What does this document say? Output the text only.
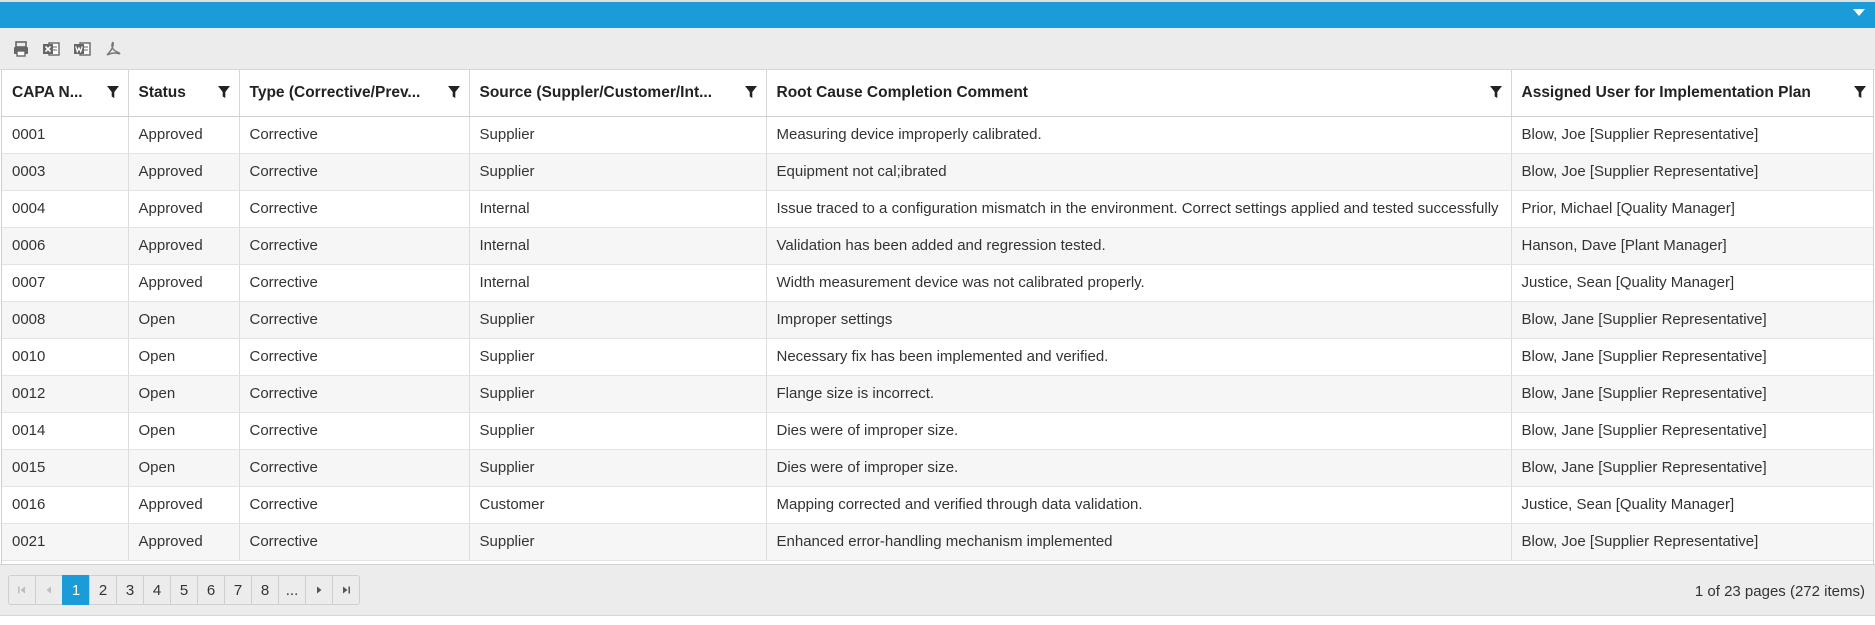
CAPA N...	Status	Type (Corrective/Prev...	Source (Suppler/Customer/Int...	Root Cause Completion Comment	Assigned User for Implementation Plan

0001	Approved	Corrective	Supplier	Measuring device improperly calibrated.	Blow, Joe [Supplier Representative]
0003	Approved	Corrective	Supplier	Equipment not cal;ibrated	Blow, Joe [Supplier Representative]
0004	Approved	Corrective	Internal	Issue traced to a configuration mismatch in the environment. Correct settings applied and tested successfully	Prior, Michael [Quality Manager]
0006	Approved	Corrective	Internal	Validation has been added and regression tested.	Hanson, Dave [Plant Manager]
0007	Approved	Corrective	Internal	Width measurement device was not calibrated properly.	Justice, Sean [Quality Manager]
0008	Open	Corrective	Supplier	Improper settings	Blow, Jane [Supplier Representative]
0010	Open	Corrective	Supplier	Necessary fix has been implemented and verified.	Blow, Jane [Supplier Representative]
0012	Open	Corrective	Supplier	Flange size is incorrect.	Blow, Jane [Supplier Representative]
0014	Open	Corrective	Supplier	Dies were of improper size.	Blow, Jane [Supplier Representative]
0015	Open	Corrective	Supplier	Dies were of improper size.	Blow, Jane [Supplier Representative]
0016	Approved	Corrective	Customer	Mapping corrected and verified through data validation.	Justice, Sean [Quality Manager]
0021	Approved	Corrective	Supplier	Enhanced error-handling mechanism implemented	Blow, Joe [Supplier Representative]
1	2	3	4	5	6	7	8	...	1 of 23 pages (272 items)
